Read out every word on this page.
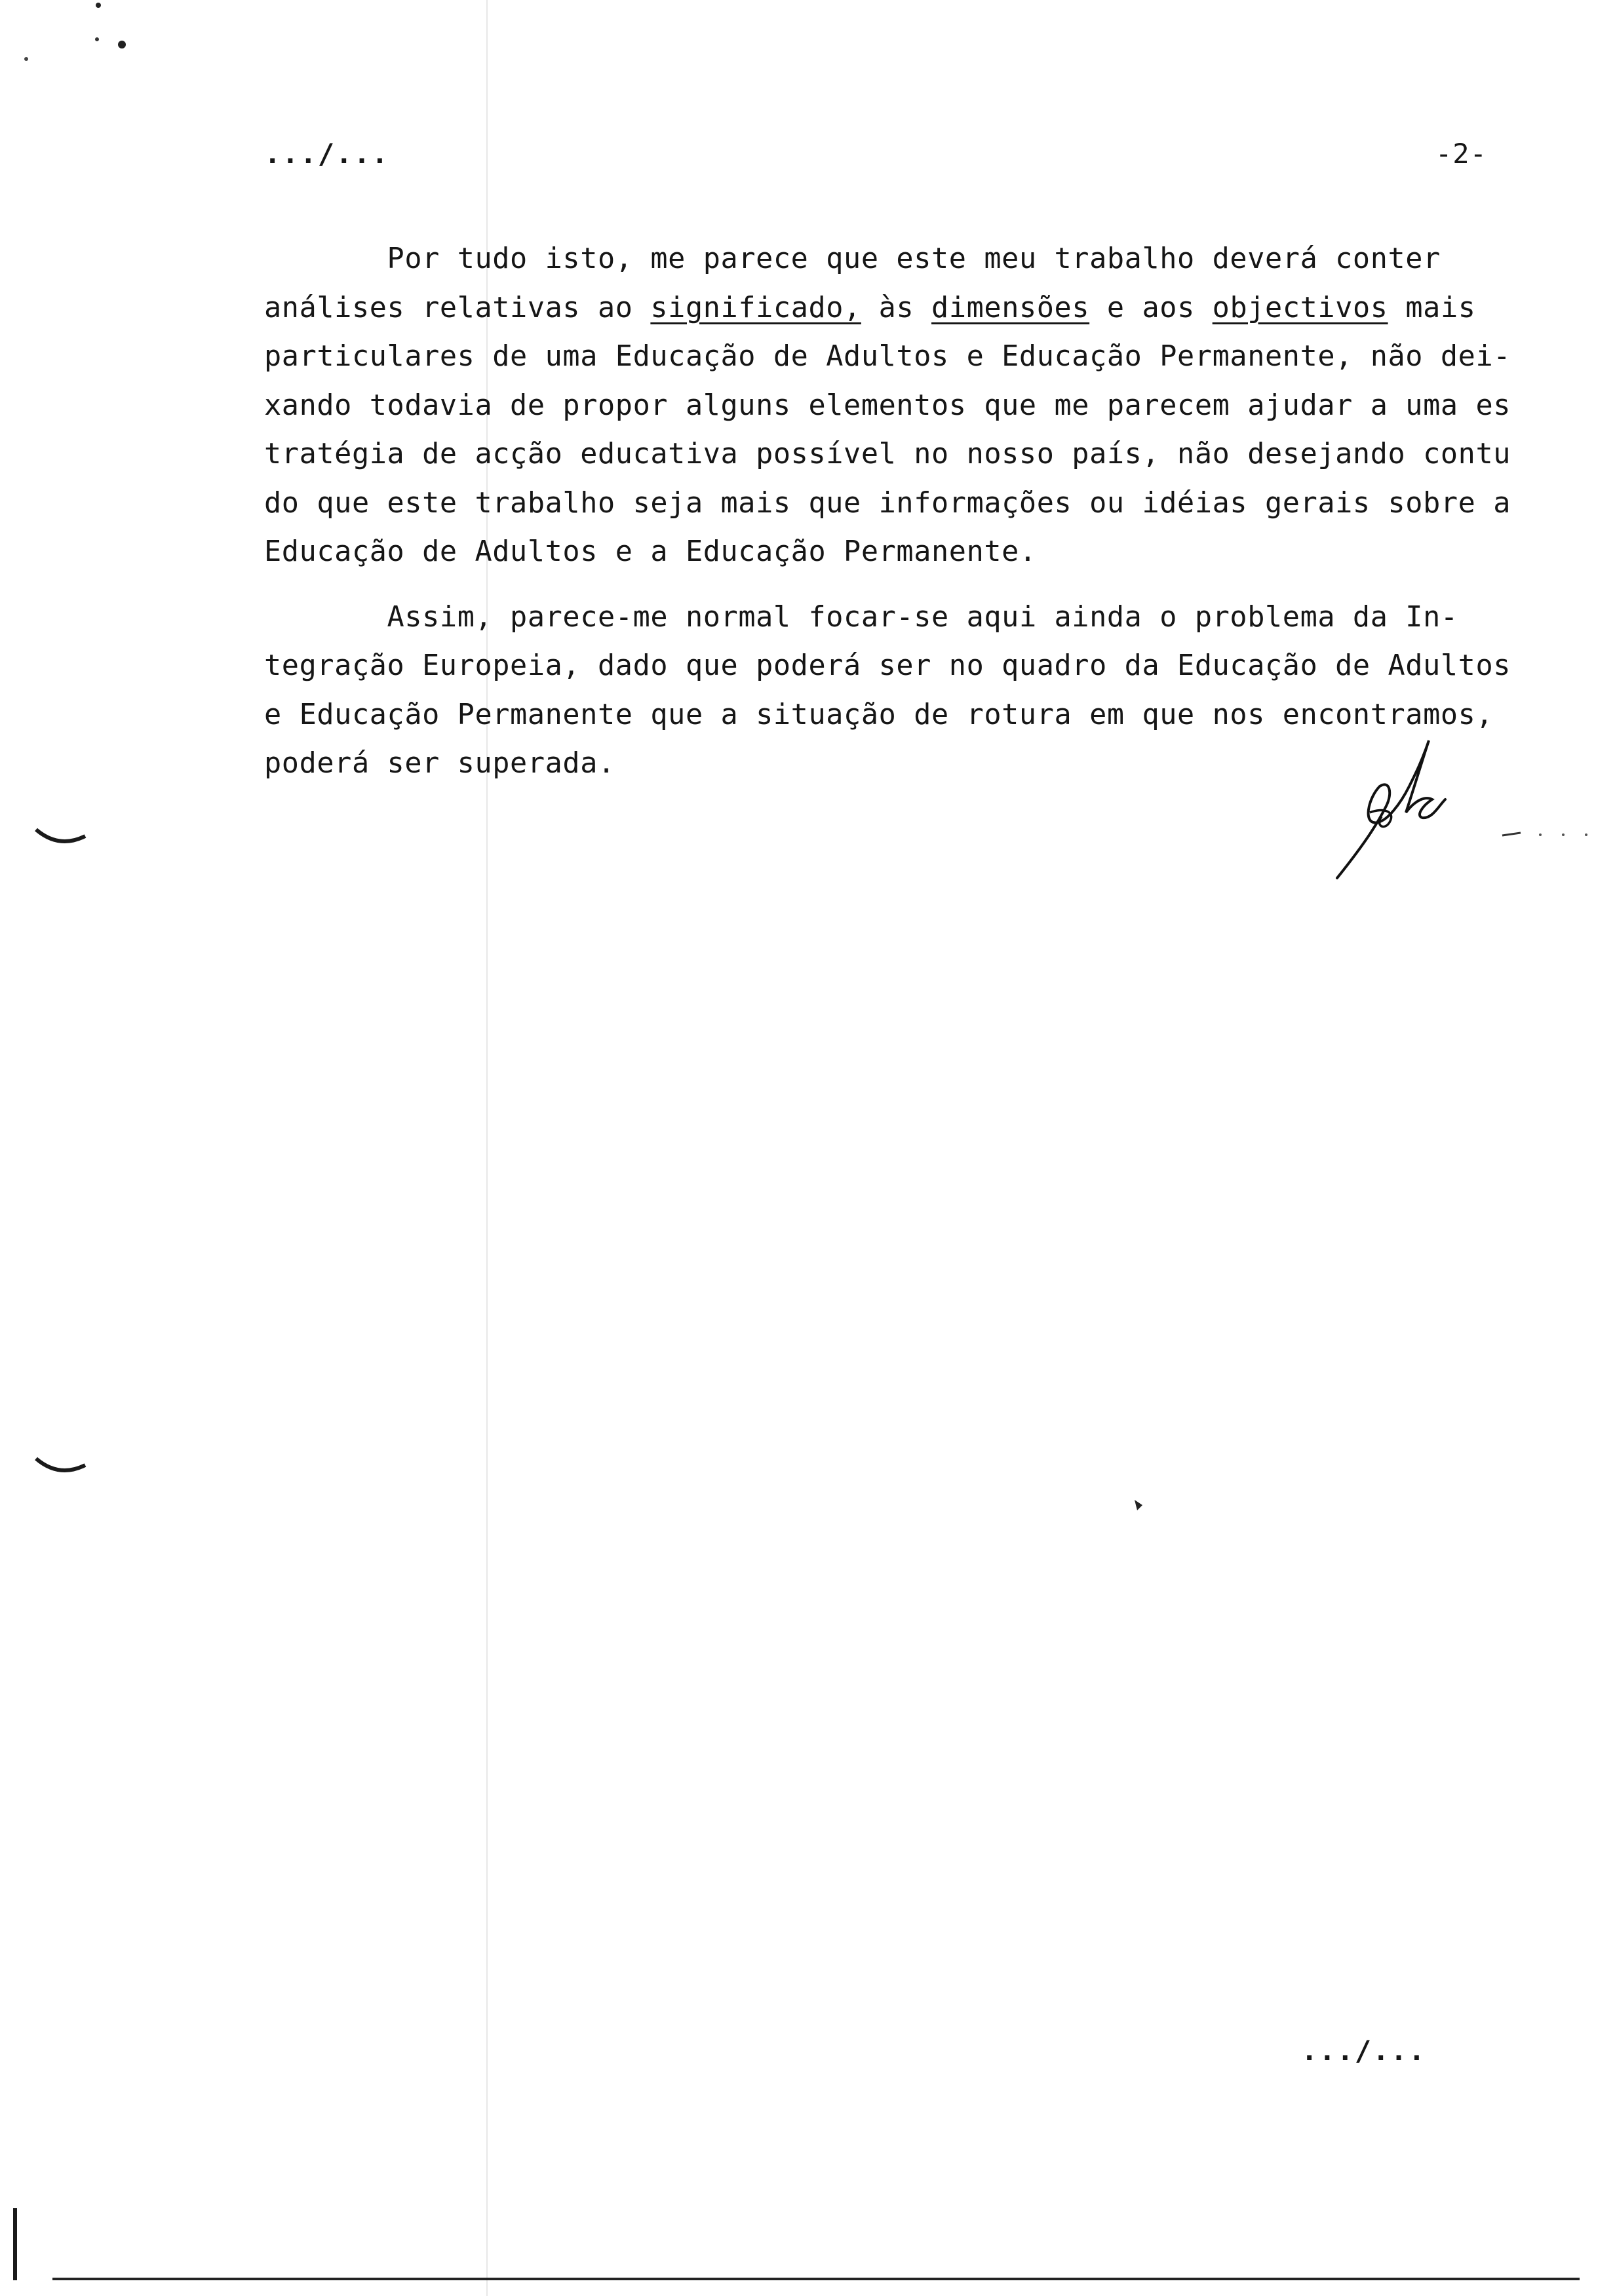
.../...	-2-
Por tudo isto, me parece que este meu trabalho deverá conter
análises relativas ao significado, às dimensões e aos objectivos mais
particulares de uma Educação de Adultos e Educação Permanente, não dei-
xando todavia de propor alguns elementos que me parecem ajudar a uma es
tratégia de acção educativa possível no nosso país, não desejando contu
do que este trabalho seja mais que informações ou idéias gerais sobre a
Educação de Adultos e a Educação Permanente.
Assim, parece-me normal focar-se aqui ainda o problema da In-
tegração Europeia, dado que poderá ser no quadro da Educação de Adultos
e Educação Permanente que a situação de rotura em que nos encontramos,
poderá ser superada.
.../...
